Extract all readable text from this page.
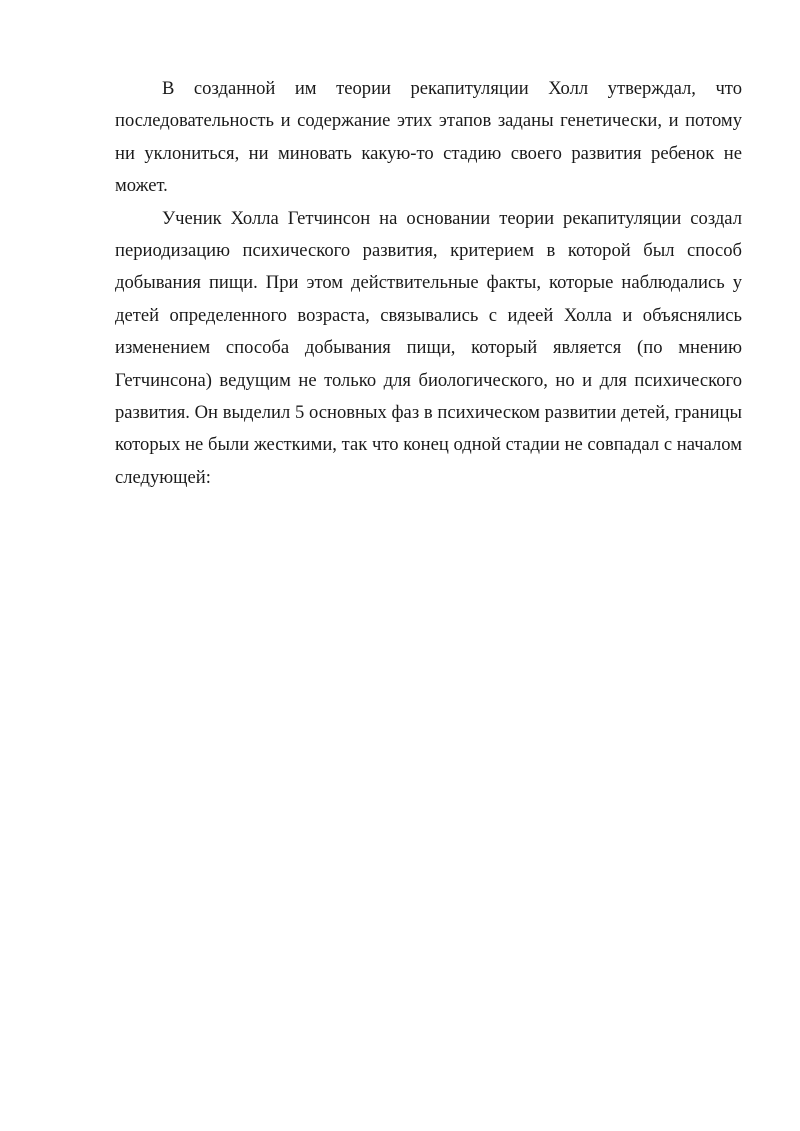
В созданной им теории рекапитуляции Холл утверждал, что последовательность и содержание этих этапов заданы генетически, и потому ни уклониться, ни миновать какую-то стадию своего развития ребенок не может.

Ученик Холла Гетчинсон на основании теории рекапитуляции создал периодизацию психического развития, критерием в которой был способ добывания пищи. При этом действительные факты, которые наблюдались у детей определенного возраста, связывались с идеей Холла и объяснялись изменением способа добывания пищи, который является (по мнению Гетчинсона) ведущим не только для биологического, но и для психического развития. Он выделил 5 основных фаз в психическом развитии детей, границы которых не были жесткими, так что конец одной стадии не совпадал с началом следующей:
